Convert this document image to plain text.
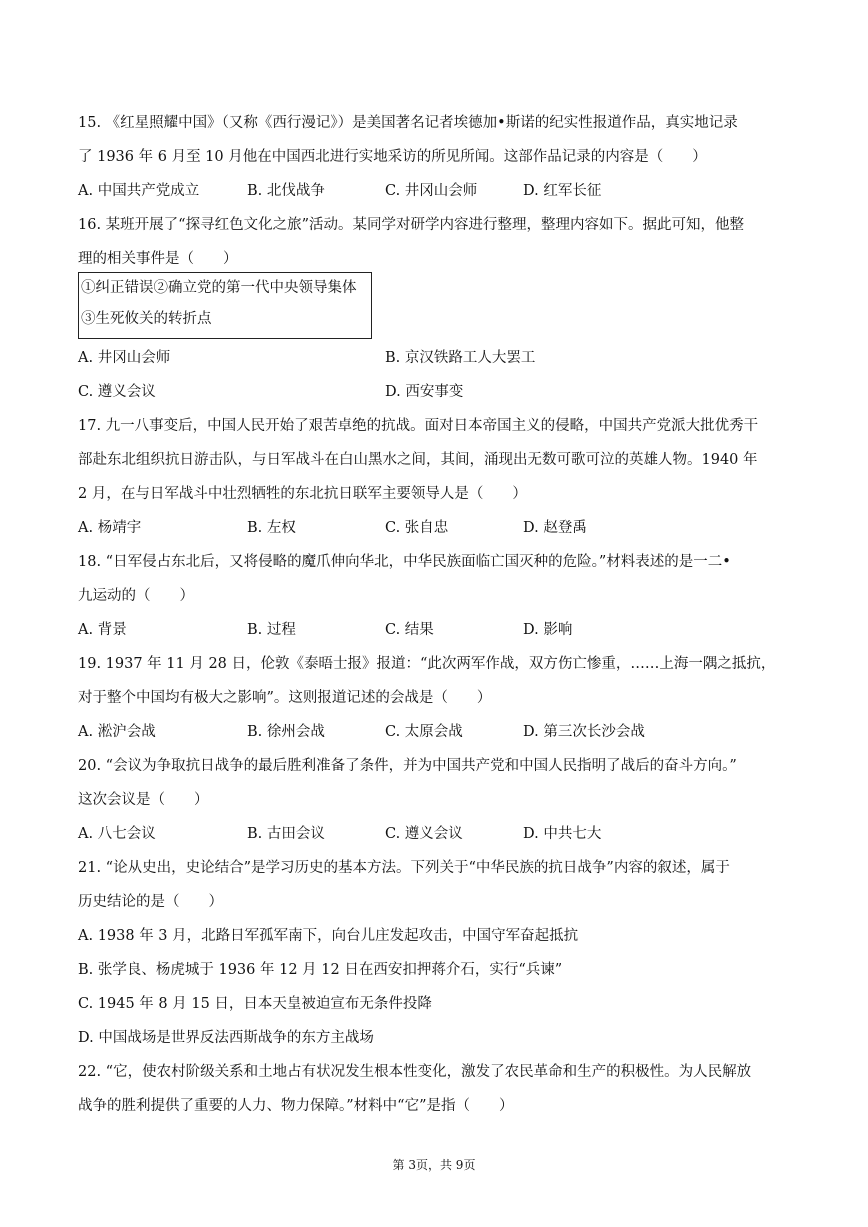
15. 《红星照耀中国》（又称《西行漫记》）是美国著名记者埃德加•斯诺的纪实性报道作品，真实地记录
了 1936 年 6 月至 10 月他在中国西北进行实地采访的所见所闻。这部作品记录的内容是（　　）
A. 中国共产党成立	B. 北伐战争	C. 井冈山会师	D. 红军长征
16. 某班开展了“探寻红色文化之旅”活动。某同学对研学内容进行整理，整理内容如下。据此可知，他整
理的相关事件是（　　）
①纠正错误②确立党的第一代中央领导集体
③生死攸关的转折点
A. 井冈山会师	B. 京汉铁路工人大罢工
C. 遵义会议	D. 西安事变
17. 九一八事变后，中国人民开始了艰苦卓绝的抗战。面对日本帝国主义的侵略，中国共产党派大批优秀干
部赴东北组织抗日游击队，与日军战斗在白山黑水之间，其间，涌现出无数可歌可泣的英雄人物。1940 年
2 月，在与日军战斗中壮烈牺牲的东北抗日联军主要领导人是（　　）
A. 杨靖宇	B. 左权	C. 张自忠	D. 赵登禹
18. “日军侵占东北后，又将侵略的魔爪伸向华北，中华民族面临亡国灭种的危险。”材料表述的是一二•
九运动的（　　）
A. 背景	B. 过程	C. 结果	D. 影响
19. 1937 年 11 月 28 日，伦敦《泰晤士报》报道：“此次两军作战，双方伤亡惨重，……上海一隅之抵抗，
对于整个中国均有极大之影响”。这则报道记述的会战是（　　）
A. 淞沪会战	B. 徐州会战	C. 太原会战	D. 第三次长沙会战
20. “会议为争取抗日战争的最后胜利准备了条件，并为中国共产党和中国人民指明了战后的奋斗方向。”
这次会议是（　　）
A. 八七会议	B. 古田会议	C. 遵义会议	D. 中共七大
21. “论从史出，史论结合”是学习历史的基本方法。下列关于“中华民族的抗日战争”内容的叙述，属于
历史结论的是（　　）
A. 1938 年 3 月，北路日军孤军南下，向台儿庄发起攻击，中国守军奋起抵抗
B. 张学良、杨虎城于 1936 年 12 月 12 日在西安扣押蒋介石，实行“兵谏”
C. 1945 年 8 月 15 日，日本天皇被迫宣布无条件投降
D. 中国战场是世界反法西斯战争的东方主战场
22. “它，使农村阶级关系和土地占有状况发生根本性变化，激发了农民革命和生产的积极性。为人民解放
战争的胜利提供了重要的人力、物力保障。”材料中“它”是指（　　）
第 3页，共 9页
